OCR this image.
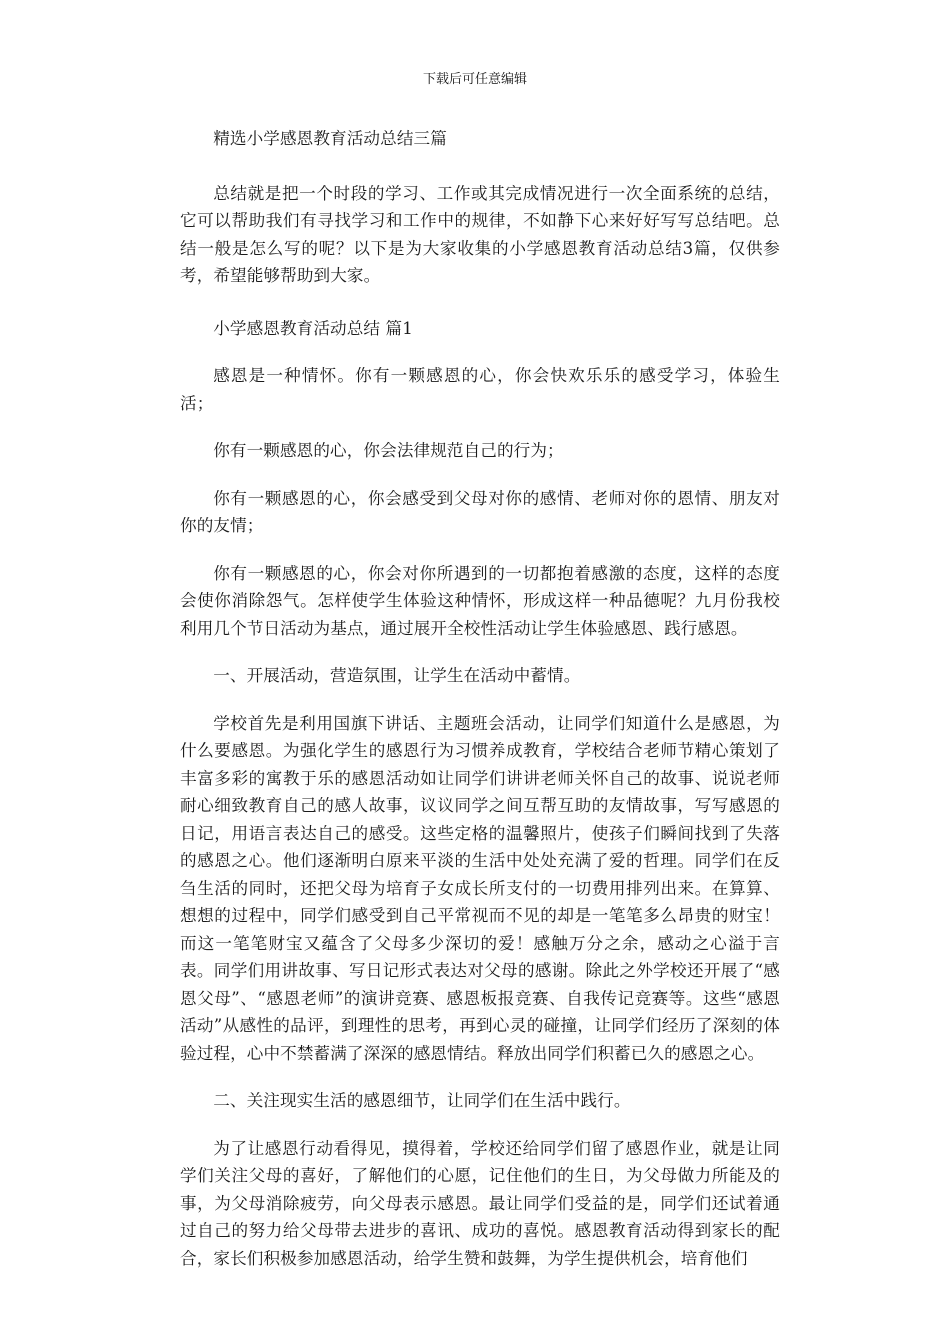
下载后可任意编辑

精选小学感恩教育活动总结三篇

总结就是把一个时段的学习、工作或其完成情况进行一次全面系统的总结，它可以帮助我们有寻找学习和工作中的规律，不如静下心来好好写写总结吧。总结一般是怎么写的呢？以下是为大家收集的小学感恩教育活动总结3篇，仅供参考，希望能够帮助到大家。

小学感恩教育活动总结 篇1

感恩是一种情怀。你有一颗感恩的心，你会快欢乐乐的感受学习，体验生活；

你有一颗感恩的心，你会法律规范自己的行为；

你有一颗感恩的心，你会感受到父母对你的感情、老师对你的恩情、朋友对你的友情；

你有一颗感恩的心，你会对你所遇到的一切都抱着感激的态度，这样的态度会使你消除怨气。怎样使学生体验这种情怀，形成这样一种品德呢？九月份我校利用几个节日活动为基点，通过展开全校性活动让学生体验感恩、践行感恩。

一、开展活动，营造氛围，让学生在活动中蓄情。

学校首先是利用国旗下讲话、主题班会活动，让同学们知道什么是感恩，为什么要感恩。为强化学生的感恩行为习惯养成教育，学校结合老师节精心策划了丰富多彩的寓教于乐的感恩活动如让同学们讲讲老师关怀自己的故事、说说老师耐心细致教育自己的感人故事，议议同学之间互帮互助的友情故事，写写感恩的日记，用语言表达自己的感受。这些定格的温馨照片，使孩子们瞬间找到了失落的感恩之心。他们逐渐明白原来平淡的生活中处处充满了爱的哲理。同学们在反刍生活的同时，还把父母为培育子女成长所支付的一切费用排列出来。在算算、想想的过程中，同学们感受到自己平常视而不见的却是一笔笔多么昂贵的财宝！而这一笔笔财宝又蕴含了父母多少深切的爱！感触万分之余，感动之心溢于言表。同学们用讲故事、写日记形式表达对父母的感谢。除此之外学校还开展了“感恩父母”、“感恩老师”的演讲竞赛、感恩板报竞赛、自我传记竞赛等。这些“感恩活动”从感性的品评，到理性的思考，再到心灵的碰撞，让同学们经历了深刻的体验过程，心中不禁蓄满了深深的感恩情结。释放出同学们积蓄已久的感恩之心。

二、关注现实生活的感恩细节，让同学们在生活中践行。

为了让感恩行动看得见，摸得着，学校还给同学们留了感恩作业，就是让同学们关注父母的喜好，了解他们的心愿，记住他们的生日，为父母做力所能及的事，为父母消除疲劳，向父母表示感恩。最让同学们受益的是，同学们还试着通过自己的努力给父母带去进步的喜讯、成功的喜悦。感恩教育活动得到家长的配合，家长们积极参加感恩活动，给学生赞和鼓舞，为学生提供机会，培育他们
